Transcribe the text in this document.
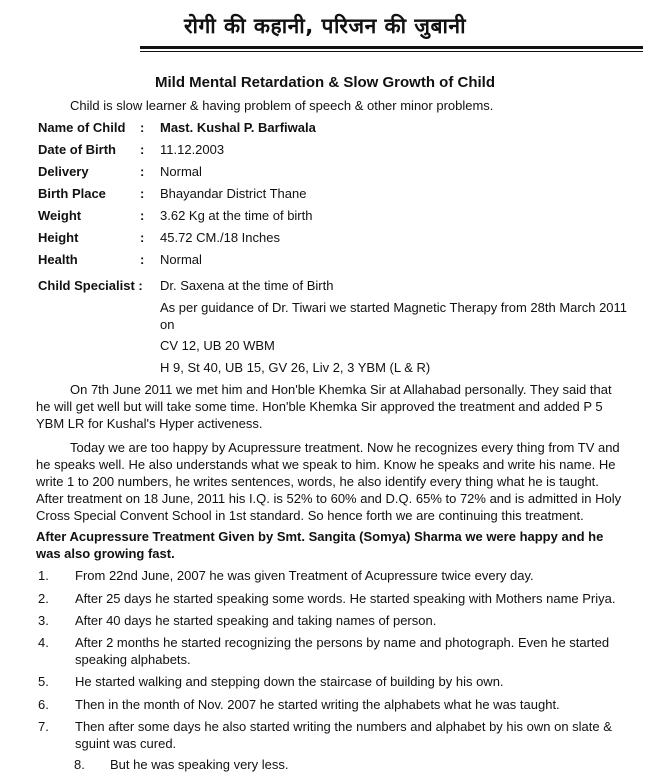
रोगी की कहानी, परिजन की जुबानी
Mild Mental Retardation & Slow Growth of Child
Child is slow learner & having problem of speech & other minor problems.
Name of Child : Mast. Kushal P. Barfiwala
Date of Birth : 11.12.2003
Delivery	: Normal
Birth Place	: Bhayandar District Thane
Weight	: 3.62 Kg at the time of birth
Height	: 45.72 CM./18 Inches
Health	: Normal
Child Specialist : Dr. Saxena at the time of Birth
As per guidance of Dr. Tiwari we started Magnetic Therapy from 28th March 2011
on
CV 12, UB 20 WBM
H 9, St 40, UB 15, GV 26, Liv 2, 3 YBM (L & R)
On 7th June 2011 we met him and Hon'ble Khemka Sir at Allahabad personally. They said that
he will get well but will take some time. Hon'ble Khemka Sir approved the treatment and added P 5
YBM LR for Kushal's Hyper activeness.
Today we are too happy by Acupressure treatment. Now he recognizes every thing from TV and
he speaks well. He also understands what we speak to him. Know he speaks and write his name. He
write 1 to 200 numbers, he writes sentences, words, he also identify every thing what he is taught.
After treatment on 18 June, 2011 his I.Q. is 52% to 60% and D.Q. 65% to 72% and is admitted in Holy
Cross Special Convent School in 1st standard. So hence forth we are continuing this treatment.
After Acupressure Treatment Given by Smt. Sangita (Somya) Sharma we were happy and he
was also growing fast.
1. From 22nd June, 2007 he was given Treatment of Acupressure twice every day.
2. After 25 days he started speaking some words. He started speaking with Mothers name Priya.
3. After 40 days he started speaking and taking names of person.
4. After 2 months he started recognizing the persons by name and photograph. Even he started
speaking alphabets.
5. He started walking and stepping down the staircase of building by his own.
6. Then in the month of Nov. 2007 he started writing the alphabets what he was taught.
7. Then after some days he also started writing the numbers and alphabet by his own on slate &
sguint was cured.
8. But he was speaking very less.
